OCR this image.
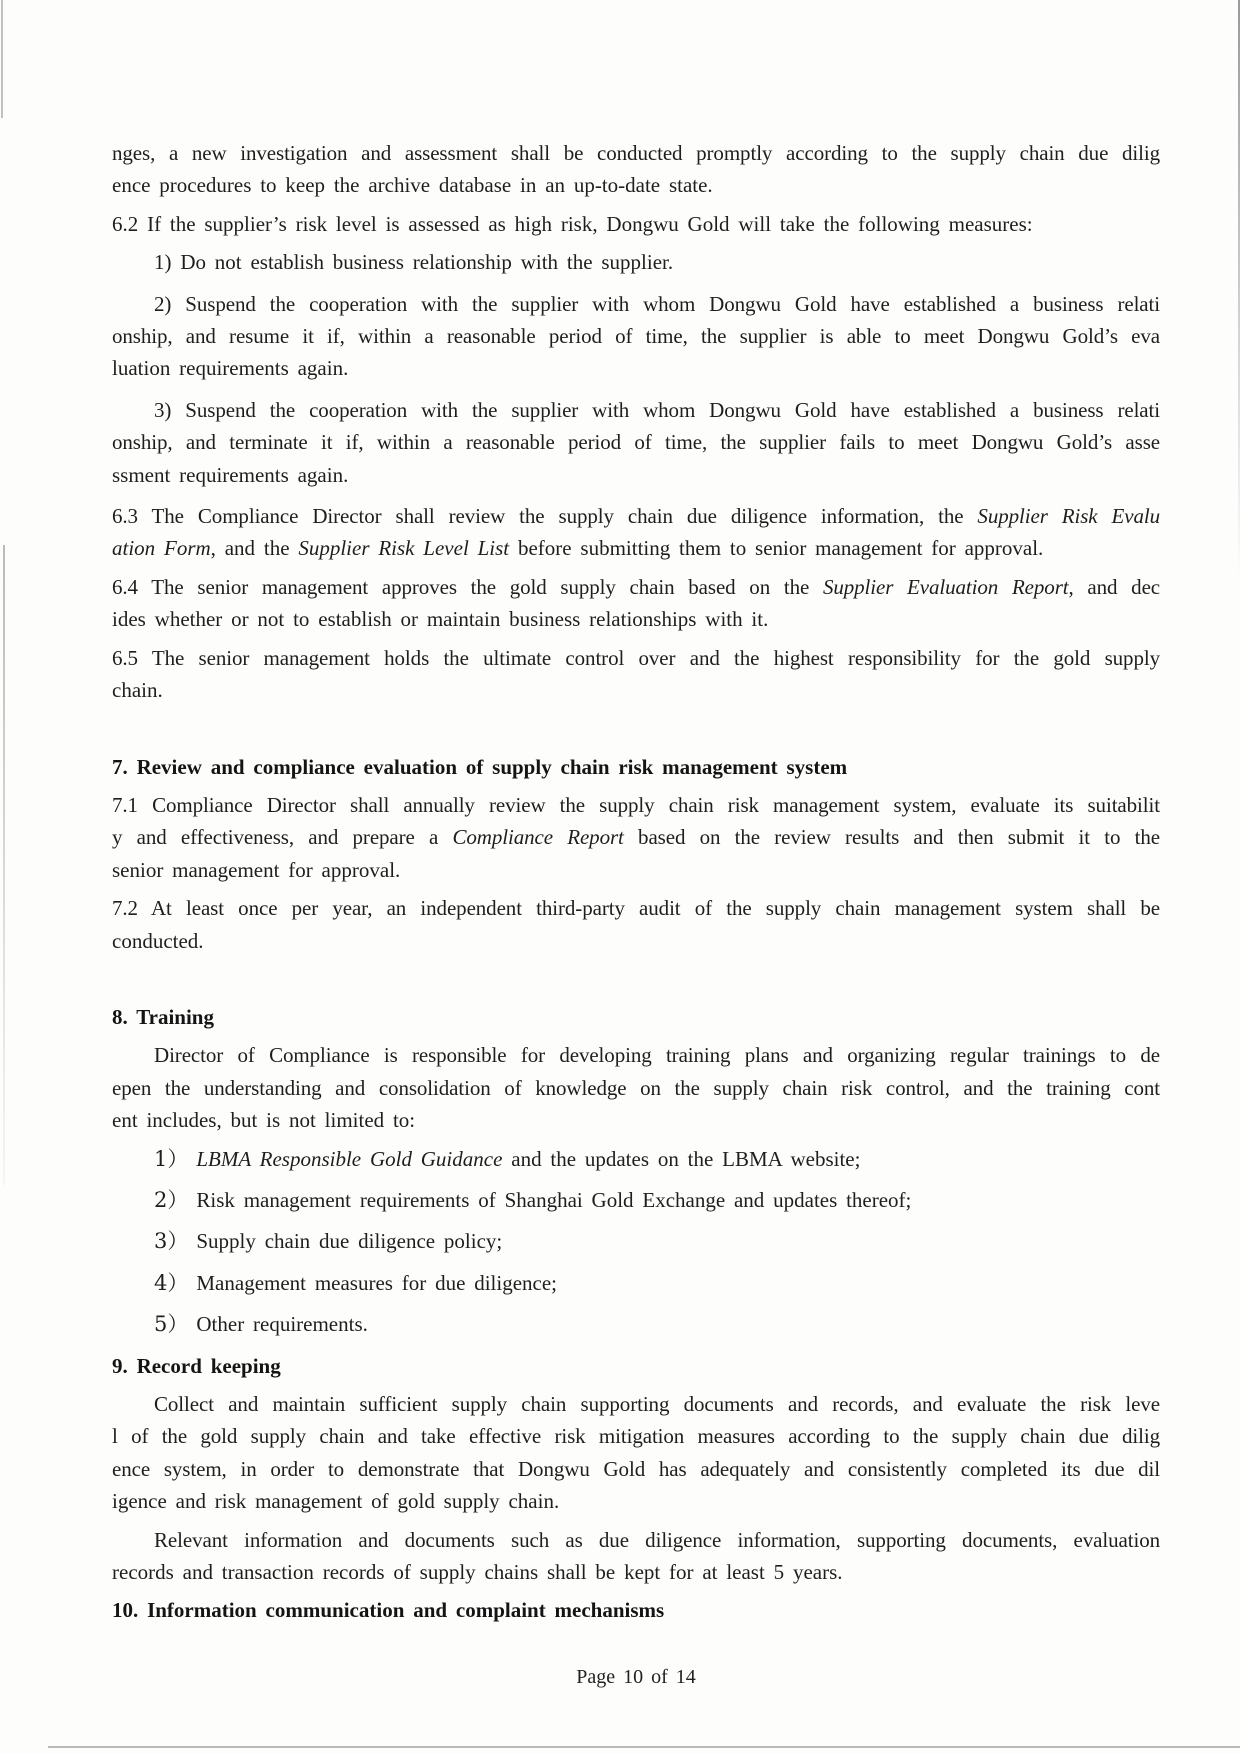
nges, a new investigation and assessment shall be conducted promptly according to the supply chain due dilig
ence procedures to keep the archive database in an up-to-date state.
6.2 If the supplier’s risk level is assessed as high risk, Dongwu Gold will take the following measures:
1) Do not establish business relationship with the supplier.
2) Suspend the cooperation with the supplier with whom Dongwu Gold have established a business relati
onship, and resume it if, within a reasonable period of time, the supplier is able to meet Dongwu Gold’s eva
luation requirements again.
3) Suspend the cooperation with the supplier with whom Dongwu Gold have established a business relati
onship, and terminate it if, within a reasonable period of time, the supplier fails to meet Dongwu Gold’s asse
ssment requirements again.
6.3 The Compliance Director shall review the supply chain due diligence information, the Supplier Risk Evalu
ation Form, and the Supplier Risk Level List before submitting them to senior management for approval.
6.4 The senior management approves the gold supply chain based on the Supplier Evaluation Report, and dec
ides whether or not to establish or maintain business relationships with it.
6.5 The senior management holds the ultimate control over and the highest responsibility for the gold supply
chain.
7. Review and compliance evaluation of supply chain risk management system
7.1 Compliance Director shall annually review the supply chain risk management system, evaluate its suitabilit
y and effectiveness, and prepare a Compliance Report based on the review results and then submit it to the
senior management for approval.
7.2 At least once per year, an independent third-party audit of the supply chain management system shall be
conducted.
8. Training
Director of Compliance is responsible for developing training plans and organizing regular trainings to de
epen the understanding and consolidation of knowledge on the supply chain risk control, and the training cont
ent includes, but is not limited to:
1） LBMA Responsible Gold Guidance and the updates on the LBMA website;
2） Risk management requirements of Shanghai Gold Exchange and updates thereof;
3） Supply chain due diligence policy;
4） Management measures for due diligence;
5） Other requirements.
9. Record keeping
Collect and maintain sufficient supply chain supporting documents and records, and evaluate the risk leve
l of the gold supply chain and take effective risk mitigation measures according to the supply chain due dilig
ence system, in order to demonstrate that Dongwu Gold has adequately and consistently completed its due dil
igence and risk management of gold supply chain.
Relevant information and documents such as due diligence information, supporting documents, evaluation
records and transaction records of supply chains shall be kept for at least 5 years.
10. Information communication and complaint mechanisms
Page 10 of 14
